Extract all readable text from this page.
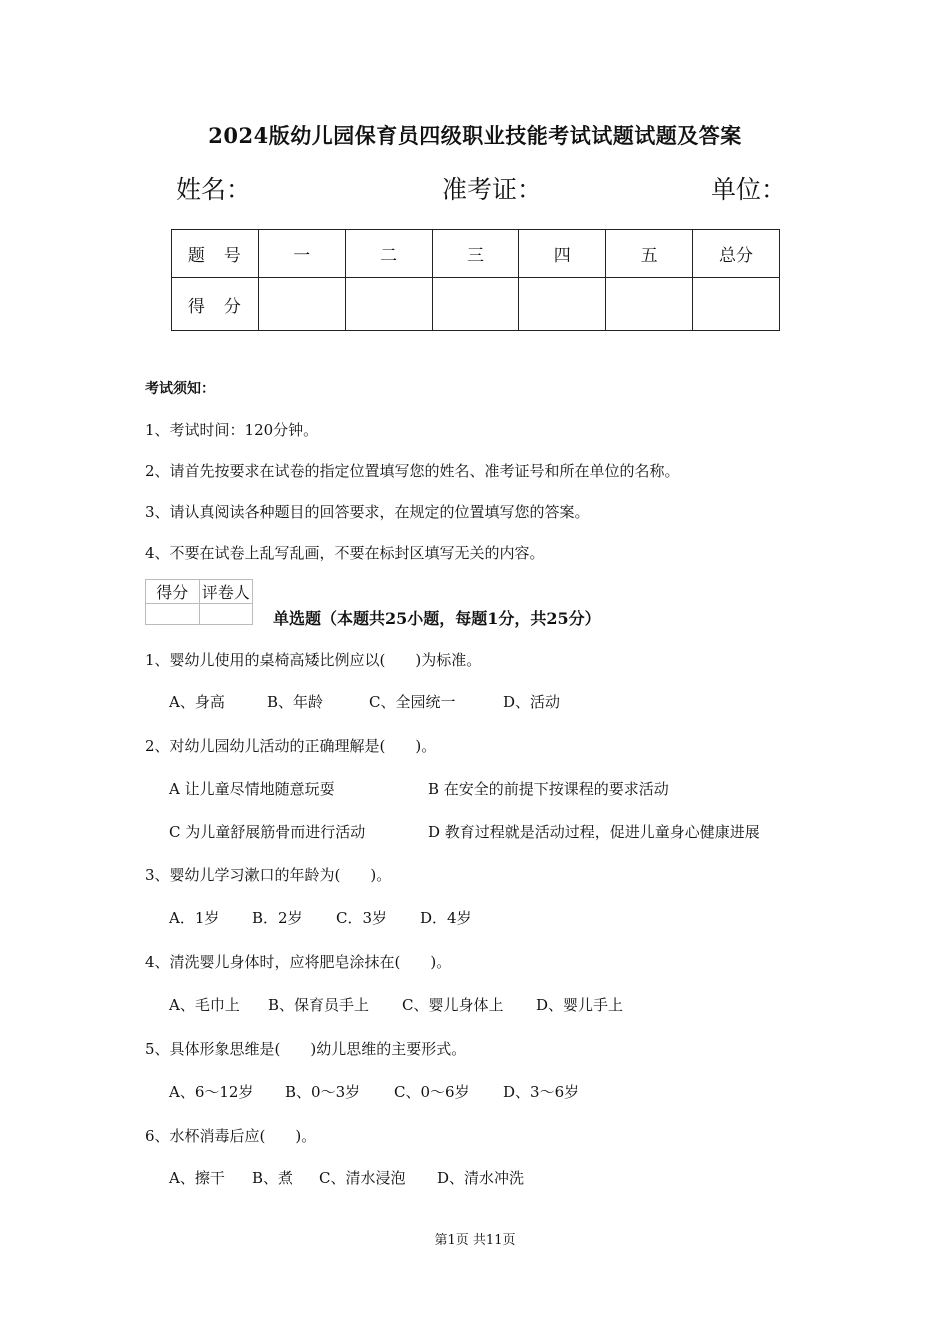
2024版幼儿园保育员四级职业技能考试试题试题及答案
姓名：	准考证：	单位：
题　号	一	二	三	四	五	总分
得　分						
考试须知：
1、考试时间：120分钟。
2、请首先按要求在试卷的指定位置填写您的姓名、准考证号和所在单位的名称。
3、请认真阅读各种题目的回答要求，在规定的位置填写您的答案。
4、不要在试卷上乱写乱画，不要在标封区填写无关的内容。
得分	评卷人

单选题（本题共25小题，每题1分，共25分）
1、婴幼儿使用的桌椅高矮比例应以(　　)为标准。
A、身高	B、年龄	C、全园统一	D、活动
2、对幼儿园幼儿活动的正确理解是(　　)。
A 让儿童尽情地随意玩耍	B 在安全的前提下按课程的要求活动
C 为儿童舒展筋骨而进行活动	D 教育过程就是活动过程，促进儿童身心健康进展
3、婴幼儿学习漱口的年龄为(　　)。
A．1岁 B．2岁 C．3岁 D．4岁
4、清洗婴儿身体时，应将肥皂涂抹在(　　)。
A、毛巾上 B、保育员手上 C、婴儿身体上 D、婴儿手上
5、具体形象思维是(　　)幼儿思维的主要形式。
A、6～12岁 B、0～3岁 C、0～6岁 D、3～6岁
6、水杯消毒后应(　　)。
A、擦干 B、煮 C、清水浸泡 D、清水冲洗
第1页 共11页
